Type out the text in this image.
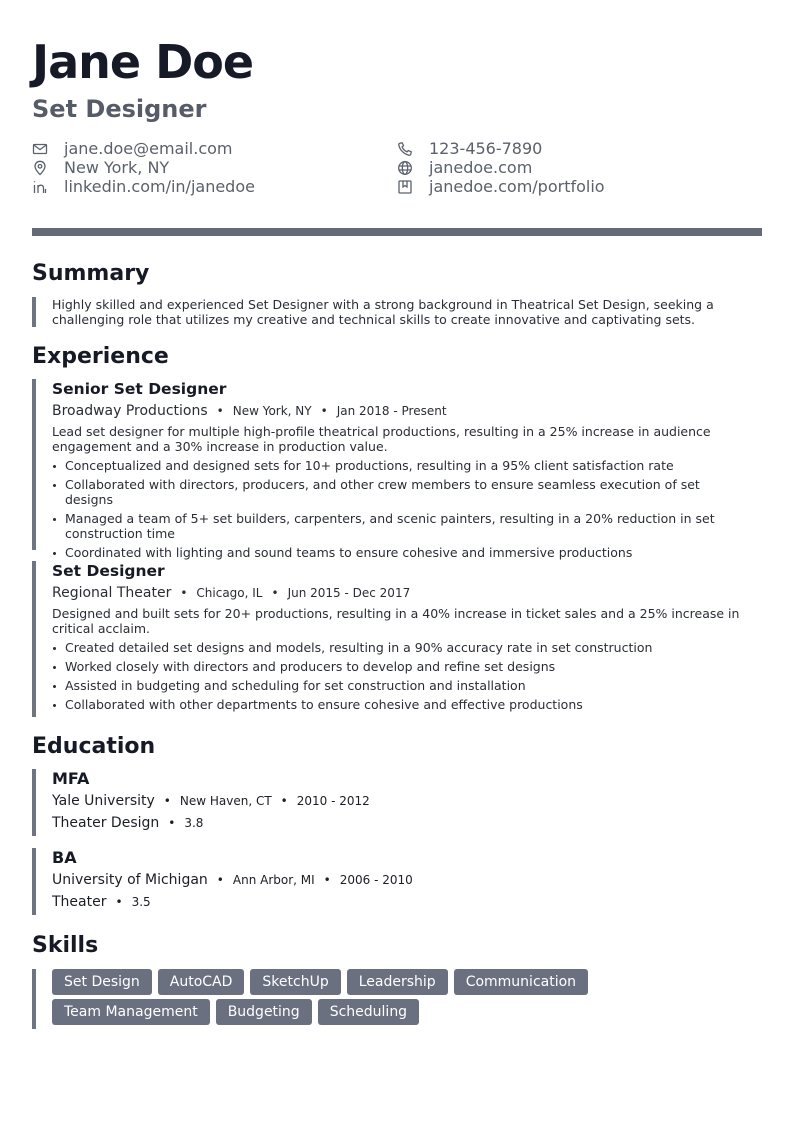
Jane Doe
Set Designer
jane.doe@email.com
New York, NY
linkedin.com/in/janedoe
123-456-7890
janedoe.com
janedoe.com/portfolio
Summary
Highly skilled and experienced Set Designer with a strong background in Theatrical Set Design, seeking a challenging role that utilizes my creative and technical skills to create innovative and captivating sets.
Experience
Senior Set Designer
Broadway Productions • New York, NY • Jan 2018 - Present
Lead set designer for multiple high-profile theatrical productions, resulting in a 25% increase in audience engagement and a 30% increase in production value.
Conceptualized and designed sets for 10+ productions, resulting in a 95% client satisfaction rate
Collaborated with directors, producers, and other crew members to ensure seamless execution of set designs
Managed a team of 5+ set builders, carpenters, and scenic painters, resulting in a 20% reduction in set construction time
Coordinated with lighting and sound teams to ensure cohesive and immersive productions
Set Designer
Regional Theater • Chicago, IL • Jun 2015 - Dec 2017
Designed and built sets for 20+ productions, resulting in a 40% increase in ticket sales and a 25% increase in critical acclaim.
Created detailed set designs and models, resulting in a 90% accuracy rate in set construction
Worked closely with directors and producers to develop and refine set designs
Assisted in budgeting and scheduling for set construction and installation
Collaborated with other departments to ensure cohesive and effective productions
Education
MFA
Yale University • New Haven, CT • 2010 - 2012
Theater Design • 3.8
BA
University of Michigan • Ann Arbor, MI • 2006 - 2010
Theater • 3.5
Skills
Set Design	AutoCAD	SketchUp	Leadership	Communication
Team Management	Budgeting	Scheduling
